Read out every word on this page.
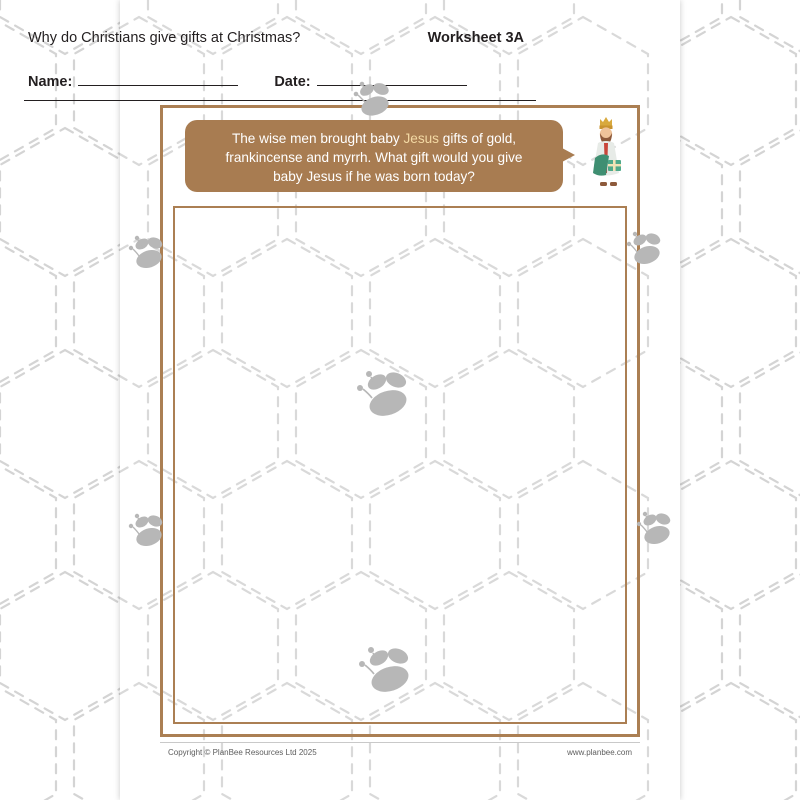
Why do Christians give gifts at Christmas?	Worksheet 3A
Name:	Date:
The wise men brought baby Jesus gifts of gold,
frankincense and myrrh. What gift would you give
baby Jesus if he was born today?
Copyright © PlanBee Resources Ltd 2025	www.planbee.com
